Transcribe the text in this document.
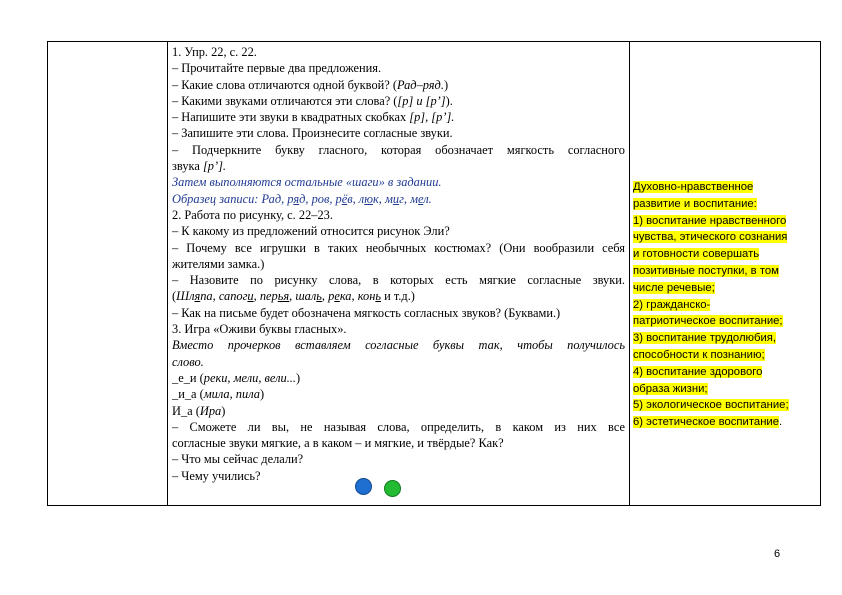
1. Упр. 22, с. 22.
– Прочитайте первые два предложения.
– Какие слова отличаются одной буквой? (Рад–ряд.)
– Какими звуками отличаются эти слова? ([р] и [р’]).
– Напишите эти звуки в квадратных скобках [р], [р’].
– Запишите эти слова. Произнесите согласные звуки.
– Подчеркните букву гласного, которая обозначает мягкость согласного
звука [р’].
Затем выполняются остальные «шаги» в задании.
Образец записи: Рад, ряд, ров, рёв, люк, миг, мел.
2. Работа по рисунку, с. 22–23.
– К какому из предложений относится рисунок Эли?
– Почему все игрушки в таких необычных костюмах? (Они вообразили себя
жителями замка.)
– Назовите по рисунку слова, в которых есть мягкие согласные звуки.
(Шляпа, сапоги, перья, шаль, река, конь и т.д.)
– Как на письме будет обозначена мягкость согласных звуков? (Буквами.)
3. Игра «Оживи буквы гласных».
Вместо прочерков вставляем согласные буквы так, чтобы получилось
слово.
_е_и (реки, мели, вели...)
_и_а (мила, пила)
И_а (Ира)
– Сможете ли вы, не называя слова, определить, в каком из них все
согласные звуки мягкие, а в каком – и мягкие, и твёрдые? Как?
– Что мы сейчас делали?
– Чему учились?
Духовно-нравственное
развитие и воспитание:
1) воспитание нравственного
чувства, этического сознания
и готовности совершать
позитивные поступки, в том
числе речевые;
2) гражданско-
патриотическое воспитание;
3) воспитание трудолюбия,
способности к познанию;
4) воспитание здорового
образа жизни;
5) экологическое воспитание;
6) эстетическое воспитание.
6
